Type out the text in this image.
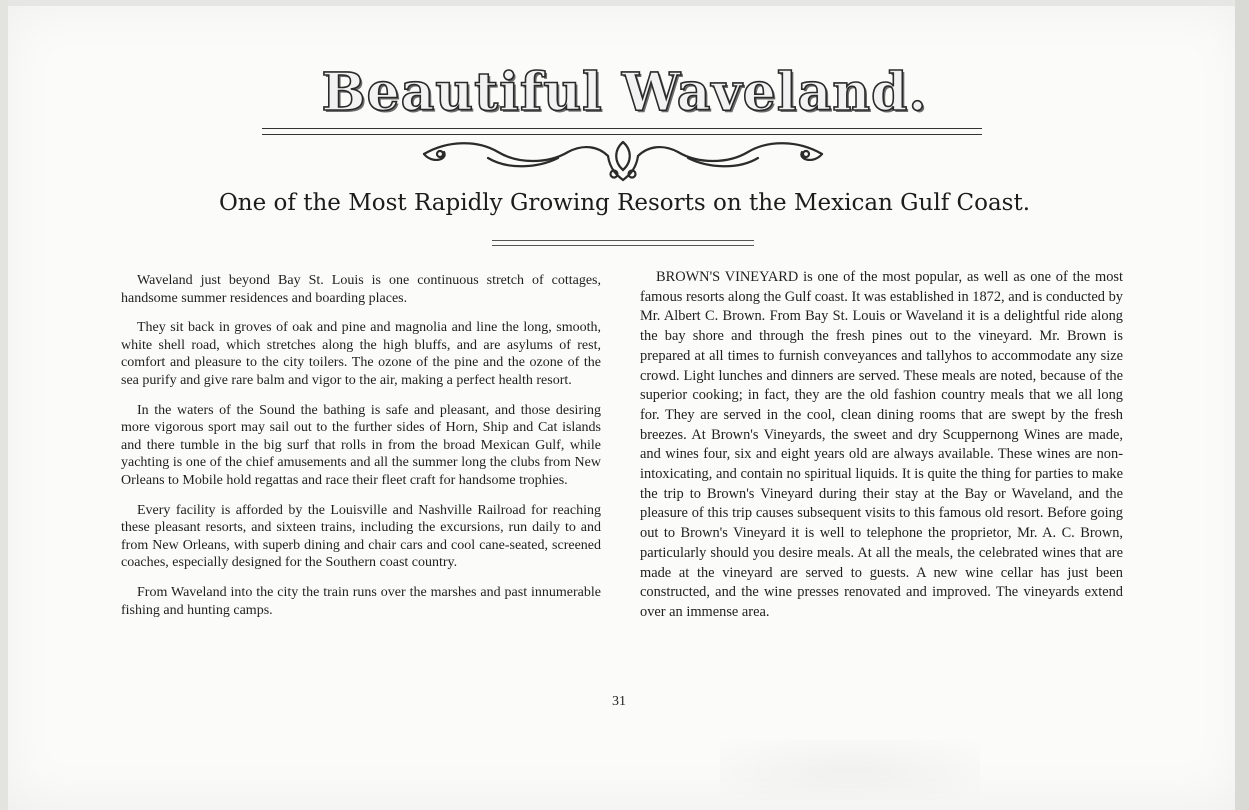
Beautiful Waveland.
One of the Most Rapidly Growing Resorts on the Mexican Gulf Coast.

Waveland just beyond Bay St. Louis is one continuous stretch of cottages, handsome summer residences and boarding places.

They sit back in groves of oak and pine and magnolia and line the long, smooth, white shell road, which stretches along the high bluffs, and are asylums of rest, comfort and pleasure to the city toilers. The ozone of the pine and the ozone of the sea purify and give rare balm and vigor to the air, making a perfect health resort.

In the waters of the Sound the bathing is safe and pleasant, and those desiring more vigorous sport may sail out to the further sides of Horn, Ship and Cat islands and there tumble in the big surf that rolls in from the broad Mexican Gulf, while yachting is one of the chief amusements and all the summer long the clubs from New Orleans to Mobile hold regattas and race their fleet craft for handsome trophies.

Every facility is afforded by the Louisville and Nashville Railroad for reaching these pleasant resorts, and sixteen trains, including the excursions, run daily to and from New Orleans, with superb dining and chair cars and cool cane-seated, screened coaches, especially designed for the Southern coast country.

From Waveland into the city the train runs over the marshes and past innumerable fishing and hunting camps.

31

BROWN'S VINEYARD is one of the most popular, as well as one of the most famous resorts along the Gulf coast. It was established in 1872, and is conducted by Mr. Albert C. Brown. From Bay St. Louis or Waveland it is a delightful ride along the bay shore and through the fresh pines out to the vineyard. Mr. Brown is prepared at all times to furnish conveyances and tallyhos to accommodate any size crowd. Light lunches and dinners are served. These meals are noted, because of the superior cooking; in fact, they are the old fashion country meals that we all long for. They are served in the cool, clean dining rooms that are swept by the fresh breezes. At Brown's Vineyards, the sweet and dry Scuppernong Wines are made, and wines four, six and eight years old are always available. These wines are non-intoxicating, and contain no spiritual liquids. It is quite the thing for parties to make the trip to Brown's Vineyard during their stay at the Bay or Waveland, and the pleasure of this trip causes subsequent visits to this famous old resort. Before going out to Brown's Vineyard it is well to telephone the proprietor, Mr. A. C. Brown, particularly should you desire meals. At all the meals, the celebrated wines that are made at the vineyard are served to guests. A new wine cellar has just been constructed, and the wine presses renovated and improved. The vineyards extend over an immense area.
